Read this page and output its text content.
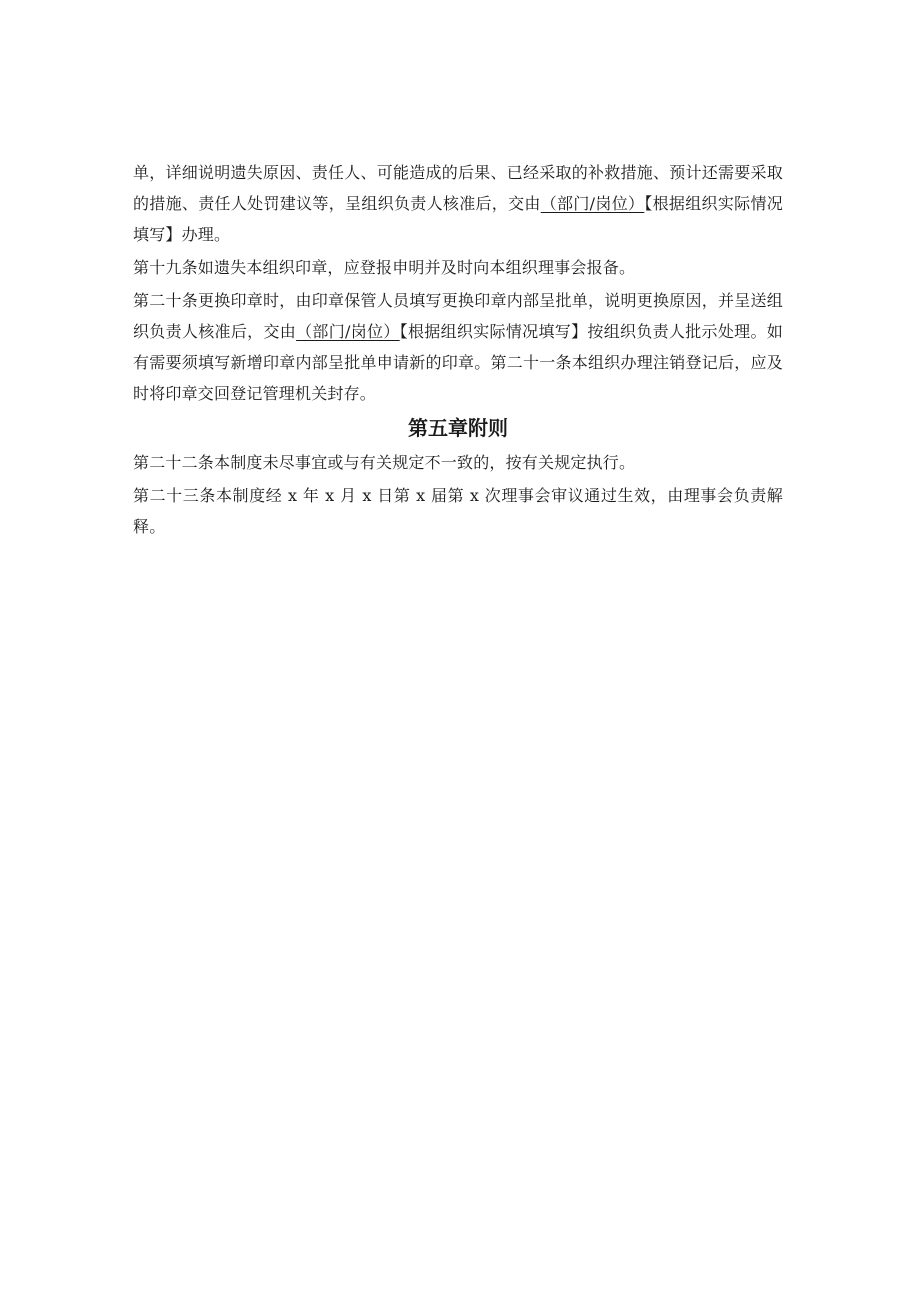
单，详细说明遗失原因、责任人、可能造成的后果、已经采取的补救措施、预计还需要采取的措施、责任人处罚建议等，呈组织负责人核准后，交由（部门/岗位）【根据组织实际情况填写】办理。

第十九条如遗失本组织印章，应登报申明并及时向本组织理事会报备。

第二十条更换印章时，由印章保管人员填写更换印章内部呈批单，说明更换原因，并呈送组织负责人核准后，交由（部门/岗位）【根据组织实际情况填写】按组织负责人批示处理。如有需要须填写新增印章内部呈批单申请新的印章。第二十一条本组织办理注销登记后，应及时将印章交回登记管理机关封存。

第五章附则

第二十二条本制度未尽事宜或与有关规定不一致的，按有关规定执行。

第二十三条本制度经 x 年 x 月 x 日第 x 届第 x 次理事会审议通过生效，由理事会负责解释。
